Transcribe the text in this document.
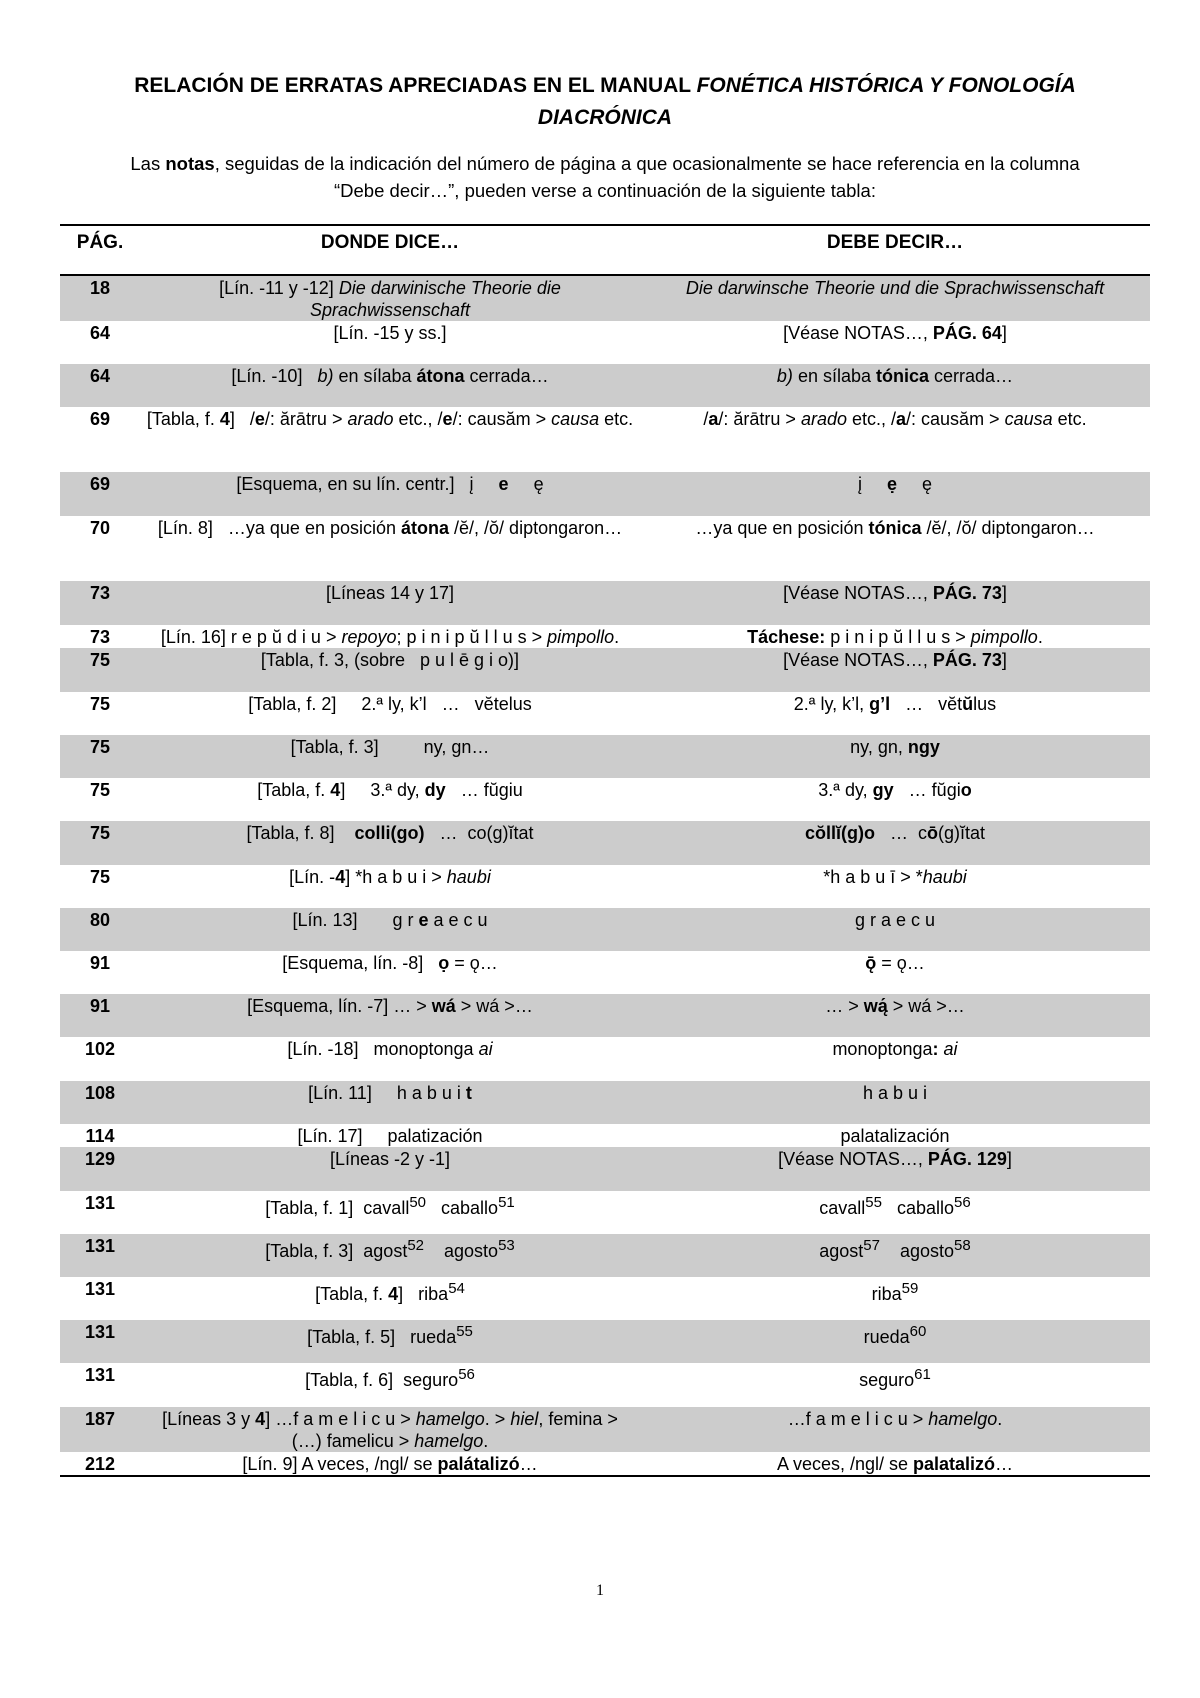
RELACIÓN DE ERRATAS APRECIADAS EN EL MANUAL FONÉTICA HISTÓRICA Y FONOLOGÍA
DIACRÓNICA
Las notas, seguidas de la indicación del número de página a que ocasionalmente se hace referencia en la columna
“Debe decir…”, pueden verse a continuación de la siguiente tabla:
PÁG.	DONDE DICE…	DEBE DECIR…
18	[Lín. -11 y -12] Die darwinische Theorie die Sprachwissenschaft	Die darwinsche Theorie und die Sprachwissenschaft
64	[Lín. -15 y ss.]	[Véase NOTAS…, PÁG. 64]
64	[Lín. -10]   b) en sílaba átona cerrada…	b) en sílaba tónica cerrada…
69	[Tabla, f. 4]   /e/: ărātru > arado etc., /e/: causăm > causa etc.	/a/: ărātru > arado etc., /a/: causăm > causa etc.
69	[Esquema, en su lín. centr.]   į     e     ę	į     ẹ     ę
70	[Lín. 8]   …ya que en posición átona /ĕ/, /ŏ/ diptongaron…	…ya que en posición tónica /ĕ/, /ŏ/ diptongaron…
73	[Líneas 14 y 17]	[Véase NOTAS…, PÁG. 73]
73	[Lín. 16] r e p ŭ d i u > repoyo; p i n i p ŭ l l u s > pimpollo.	Táchese: p i n i p ŭ l l u s > pimpollo.
75	[Tabla, f. 3, (sobre   p u l ē g i o)]	[Véase NOTAS…, PÁG. 73]
75	[Tabla, f. 2]     2.ª ly, k’l   …   vĕtelus	2.ª ly, k’l, g’l   …   vĕtŭlus
75	[Tabla, f. 3]         ny, gn…	ny, gn, ngy
75	[Tabla, f. 4]     3.ª dy, dy   … fŭgiu	3.ª dy, gy   … fŭgio
75	[Tabla, f. 8]    colli(go)   …  co(g)ĭtat	cŏllĭ(g)o   …  cō(g)ĭtat
75	[Lín. -4] *h a b u i > haubi	*h a b u ī > *haubi
80	[Lín. 13]       g r e a e c u	g r a e c u
91	[Esquema, lín. -8]   ọ = ǫ…	ǭ = ǫ…
91	[Esquema, lín. -7] … > wá > wá >…	… > wą́ > wá >…
102	[Lín. -18]   monoptonga ai	monoptonga: ai
108	[Lín. 11]     h a b u i t	h a b u i
114	[Lín. 17]     palatización	palatalización
129	[Líneas -2 y -1]	[Véase NOTAS…, PÁG. 129]
131	[Tabla, f. 1]  cavall$^{50}$   caballo$^{51}$	cavall$^{55}$   caballo$^{56}$
131	[Tabla, f. 3]  agost$^{52}$    agosto$^{53}$	agost$^{57}$    agosto$^{58}$
131	[Tabla, f. 4]   riba$^{54}$	riba$^{59}$
131	[Tabla, f. 5]   rueda$^{55}$	rueda$^{60}$
131	[Tabla, f. 6]  seguro$^{56}$	seguro$^{61}$
187	[Líneas 3 y 4] …f a m e l i c u > hamelgo. > hiel, femina > (…) famelicu > hamelgo.	…f a m e l i c u > hamelgo.
212	[Lín. 9] A veces, /ngl/ se palátalizó…	A veces, /ngl/ se palatalizó…
1
